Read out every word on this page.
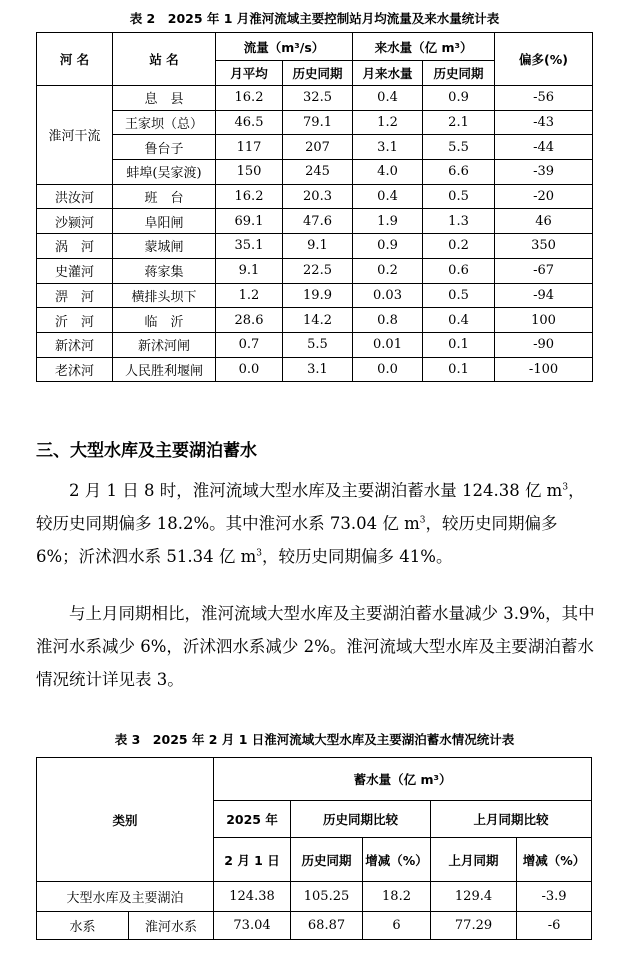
表 2　2025 年 1 月淮河流域主要控制站月均流量及来水量统计表
河 名	站 名	流量（m³/s）		来水量（亿 m³）		偏多(%)
		月平均	历史同期	月来水量	历史同期	
淮河干流	息　县	16.2	32.5	0.4	0.9	-56
	王家坝（总）	46.5	79.1	1.2	2.1	-43
	鲁台子	117	207	3.1	5.5	-44
	蚌埠(吴家渡)	150	245	4.0	6.6	-39
洪汝河	班　台	16.2	20.3	0.4	0.5	-20
沙颍河	阜阳闸	69.1	47.6	1.9	1.3	46
涡　河	蒙城闸	35.1	9.1	0.9	0.2	350
史灌河	蒋家集	9.1	22.5	0.2	0.6	-67
淠　河	横排头坝下	1.2	19.9	0.03	0.5	-94
沂　河	临　沂	28.6	14.2	0.8	0.4	100
新沭河	新沭河闸	0.7	5.5	0.01	0.1	-90
老沭河	人民胜利堰闸	0.0	3.1	0.0	0.1	-100
三、大型水库及主要湖泊蓄水

2 月 1 日 8 时，淮河流域大型水库及主要湖泊蓄水量 124.38 亿 $m^3$，较历史同期偏多 18.2%。其中淮河水系 73.04 亿 $m^3$，较历史同期偏多 6%；沂沭泗水系 51.34 亿 $m^3$，较历史同期偏多 41%。

与上月同期相比，淮河流域大型水库及主要湖泊蓄水量减少 3.9%，其中淮河水系减少 6%，沂沭泗水系减少 2%。淮河流域大型水库及主要湖泊蓄水情况统计详见表 3。

表 3　2025 年 2 月 1 日淮河流域大型水库及主要湖泊蓄水情况统计表
类别		蓄水量（亿 m³）				
		2025 年	历史同期比较		上月同期比较	
		2 月 1 日	历史同期	增减（%）	上月同期	增减（%）
大型水库及主要湖泊		124.38	105.25	18.2	129.4	-3.9
水系	淮河水系	73.04	68.87	6	77.29	-6
